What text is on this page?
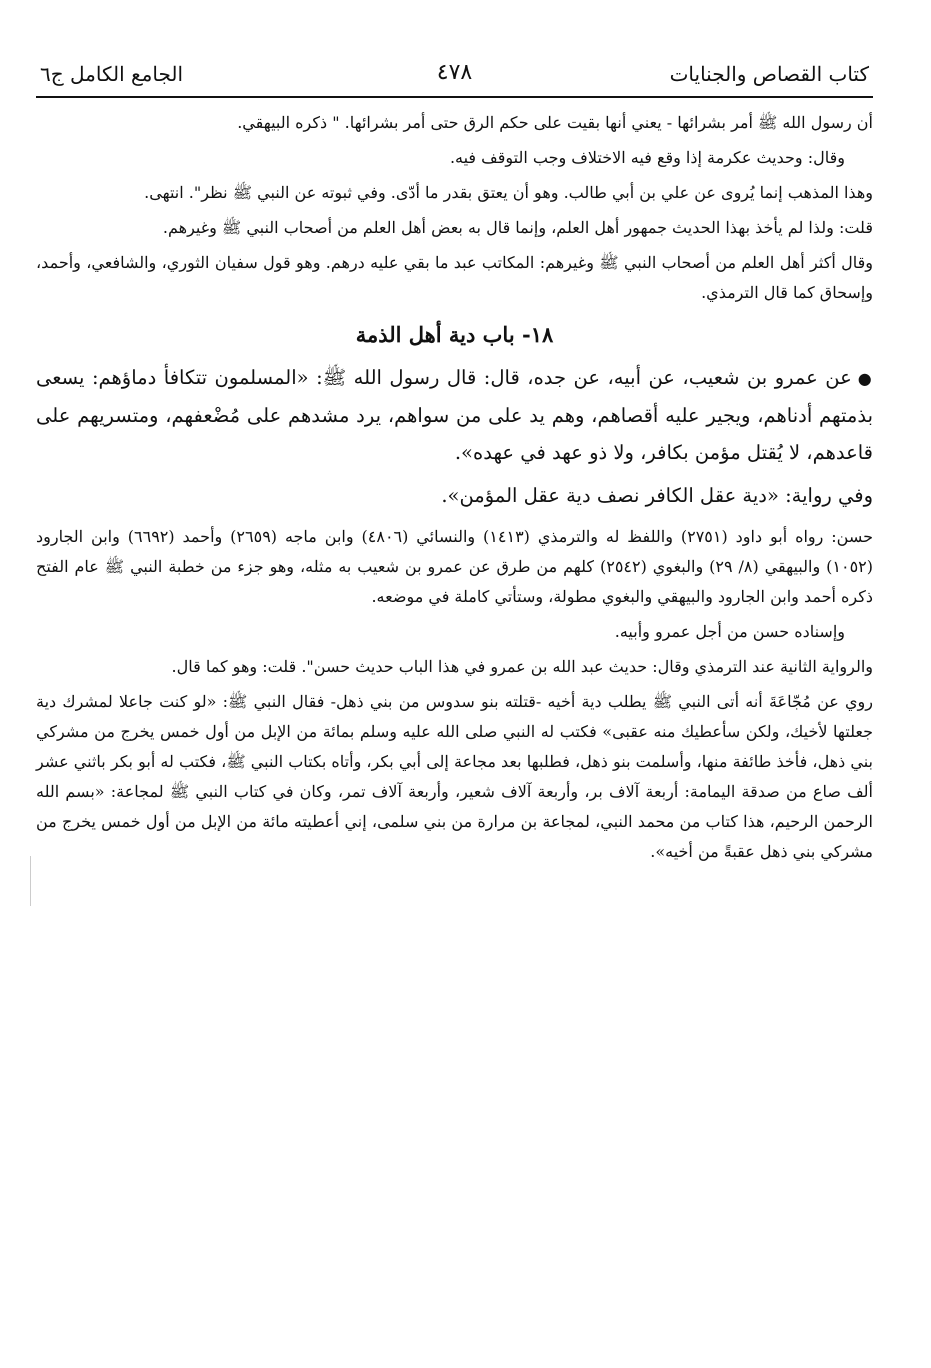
كتاب القصاص والجنايات
٤٧٨
الجامع الكامل ج٦

أن رسول الله ﷺ أمر بشرائها - يعني أنها بقيت على حكم الرق حتى أمر بشرائها. " ذكره البيهقي.

وقال: وحديث عكرمة إذا وقع فيه الاختلاف وجب التوقف فيه.

وهذا المذهب إنما يُروى عن علي بن أبي طالب. وهو أن يعتق بقدر ما أدّى. وفي ثبوته عن النبي ﷺ نظر". انتهى.

قلت: ولذا لم يأخذ بهذا الحديث جمهور أهل العلم، وإنما قال به بعض أهل العلم من أصحاب النبي ﷺ وغيرهم.

وقال أكثر أهل العلم من أصحاب النبي ﷺ وغيرهم: المكاتب عبد ما بقي عليه درهم. وهو قول سفيان الثوري، والشافعي، وأحمد، وإسحاق كما قال الترمذي.

١٨- باب دية أهل الذمة

●عن عمرو بن شعيب، عن أبيه، عن جده، قال: قال رسول الله ﷺ: «المسلمون تتكافأ دماؤهم: يسعى بذمتهم أدناهم، ويجير عليه أقصاهم، وهم يد على من سواهم، يرد مشدهم على مُضْعفهم، ومتسريهم على قاعدهم، لا يُقتل مؤمن بكافر، ولا ذو عهد في عهده».

وفي رواية: «دية عقل الكافر نصف دية عقل المؤمن».

حسن: رواه أبو داود (٢٧٥١) واللفظ له والترمذي (١٤١٣) والنسائي (٤٨٠٦) وابن ماجه (٢٦٥٩) وأحمد (٦٦٩٢) وابن الجارود (١٠٥٢) والبيهقي (٨/ ٢٩) والبغوي (٢٥٤٢) كلهم من طرق عن عمرو بن شعيب به مثله، وهو جزء من خطبة النبي ﷺ عام الفتح ذكره أحمد وابن الجارود والبيهقي والبغوي مطولة، وستأتي كاملة في موضعه.

وإسناده حسن من أجل عمرو وأبيه.

والرواية الثانية عند الترمذي وقال: حديث عبد الله بن عمرو في هذا الباب حديث حسن". قلت: وهو كما قال.

روي عن مُجّاعَةَ أنه أتى النبي ﷺ يطلب دية أخيه -قتلته بنو سدوس من بني ذهل- فقال النبي ﷺ: «لو كنت جاعلا لمشرك دية جعلتها لأخيك، ولكن سأعطيك منه عقبى» فكتب له النبي صلى الله عليه وسلم بمائة من الإبل من أول خمس يخرج من مشركي بني ذهل، فأخذ طائفة منها، وأسلمت بنو ذهل، فطلبها بعد مجاعة إلى أبي بكر، وأتاه بكتاب النبي ﷺ، فكتب له أبو بكر باثني عشر ألف صاع من صدقة اليمامة: أربعة آلاف بر، وأربعة آلاف شعير، وأربعة آلاف تمر، وكان في كتاب النبي ﷺ لمجاعة: «بسم الله الرحمن الرحيم، هذا كتاب من محمد النبي، لمجاعة بن مرارة من بني سلمى، إني أعطيته مائة من الإبل من أول خمس يخرج من مشركي بني ذهل عقبةً من أخيه».
